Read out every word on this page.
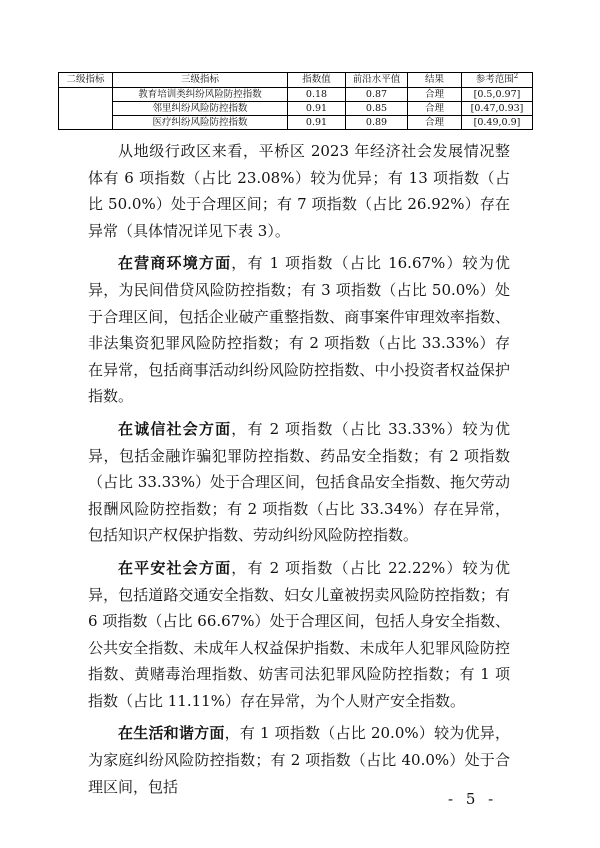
二级指标	三级指标	指数值	前沿水平值	结果	参考范围$^2$
	教育培训类纠纷风险防控指数	0.18	0.87	合理	[0.5,0.97]
	邻里纠纷风险防控指数	0.91	0.85	合理	[0.47,0.93]
	医疗纠纷风险防控指数	0.91	0.89	合理	[0.49,0.9]

从地级行政区来看，平桥区 2023 年经济社会发展情况整体有 6 项指数（占比 23.08%）较为优异；有 13 项指数（占比 50.0%）处于合理区间；有 7 项指数（占比 26.92%）存在异常（具体情况详见下表 3）。

在营商环境方面，有 1 项指数（占比 16.67%）较为优异，为民间借贷风险防控指数；有 3 项指数（占比 50.0%）处于合理区间，包括企业破产重整指数、商事案件审理效率指数、非法集资犯罪风险防控指数；有 2 项指数（占比 33.33%）存在异常，包括商事活动纠纷风险防控指数、中小投资者权益保护指数。

在诚信社会方面，有 2 项指数（占比 33.33%）较为优异，包括金融诈骗犯罪防控指数、药品安全指数；有 2 项指数（占比 33.33%）处于合理区间，包括食品安全指数、拖欠劳动报酬风险防控指数；有 2 项指数（占比 33.34%）存在异常，包括知识产权保护指数、劳动纠纷风险防控指数。

在平安社会方面，有 2 项指数（占比 22.22%）较为优异，包括道路交通安全指数、妇女儿童被拐卖风险防控指数；有 6 项指数（占比 66.67%）处于合理区间，包括人身安全指数、公共安全指数、未成年人权益保护指数、未成年人犯罪风险防控指数、黄赌毒治理指数、妨害司法犯罪风险防控指数；有 1 项指数（占比 11.11%）存在异常，为个人财产安全指数。

在生活和谐方面，有 1 项指数（占比 20.0%）较为优异，为家庭纠纷风险防控指数；有 2 项指数（占比 40.0%）处于合理区间，包括

- 5 -
